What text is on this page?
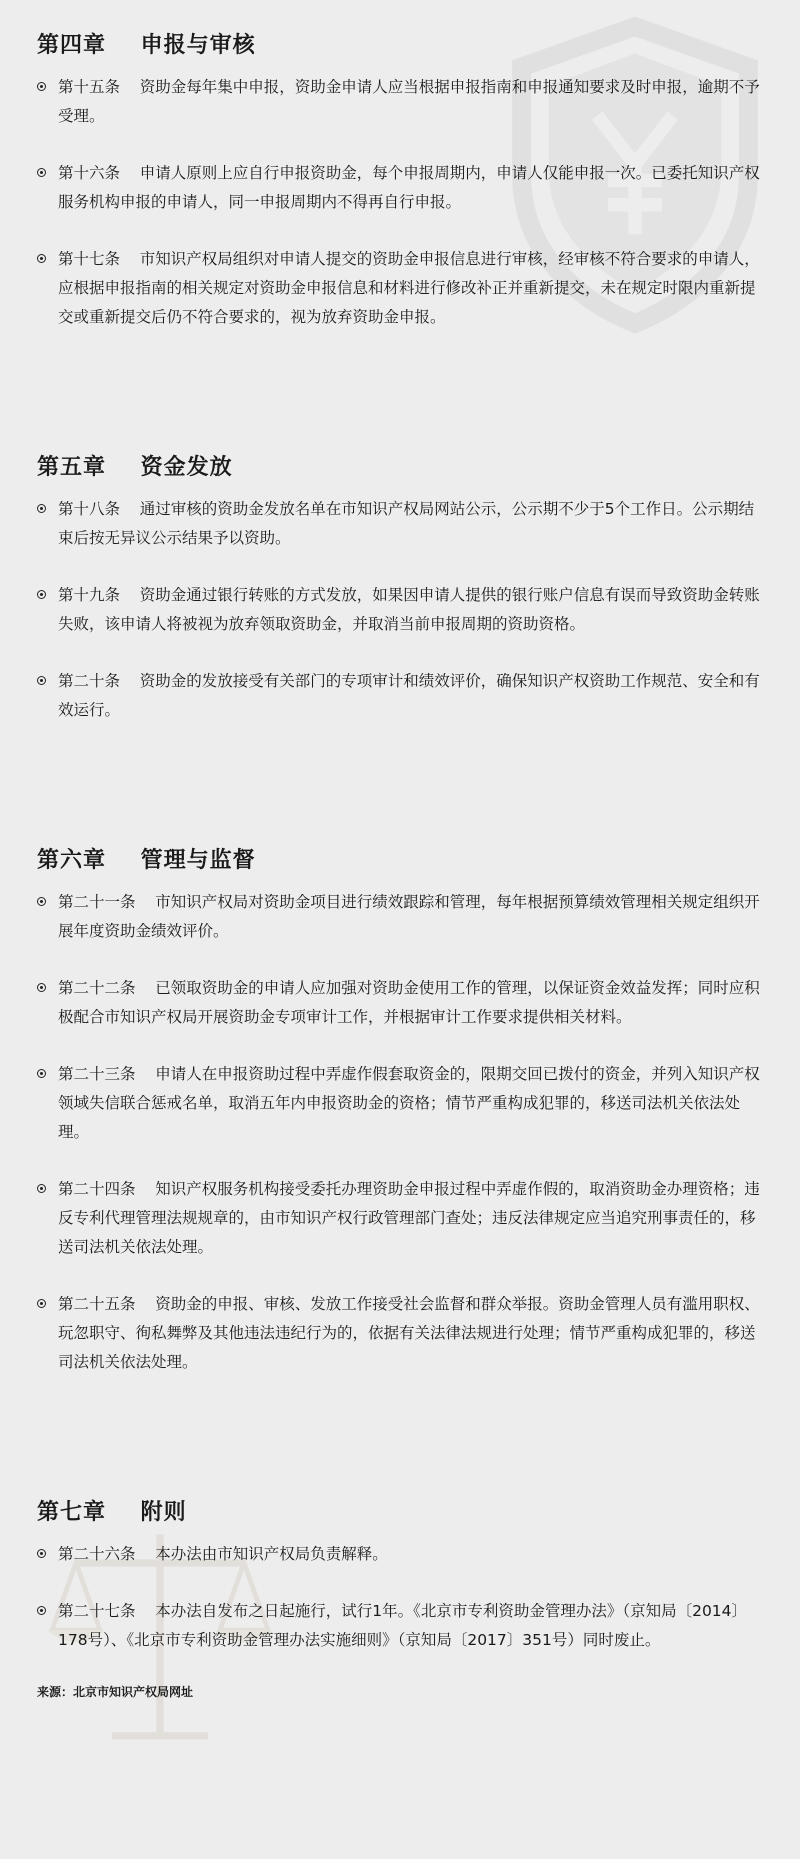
第四章    申报与审核
第十五条    资助金每年集中申报，资助金申请人应当根据申报指南和申报通知要求及时申报，逾期不予受理。
第十六条    申请人原则上应自行申报资助金，每个申报周期内，申请人仅能申报一次。已委托知识产权服务机构申报的申请人，同一申报周期内不得再自行申报。
第十七条    市知识产权局组织对申请人提交的资助金申报信息进行审核，经审核不符合要求的申请人，应根据申报指南的相关规定对资助金申报信息和材料进行修改补正并重新提交，未在规定时限内重新提交或重新提交后仍不符合要求的，视为放弃资助金申报。
第五章    资金发放
第十八条    通过审核的资助金发放名单在市知识产权局网站公示，公示期不少于5个工作日。公示期结束后按无异议公示结果予以资助。
第十九条    资助金通过银行转账的方式发放，如果因申请人提供的银行账户信息有误而导致资助金转账失败，该申请人将被视为放弃领取资助金，并取消当前申报周期的资助资格。
第二十条    资助金的发放接受有关部门的专项审计和绩效评价，确保知识产权资助工作规范、安全和有效运行。
第六章    管理与监督
第二十一条    市知识产权局对资助金项目进行绩效跟踪和管理，每年根据预算绩效管理相关规定组织开展年度资助金绩效评价。
第二十二条    已领取资助金的申请人应加强对资助金使用工作的管理，以保证资金效益发挥；同时应积极配合市知识产权局开展资助金专项审计工作，并根据审计工作要求提供相关材料。
第二十三条    申请人在申报资助过程中弄虚作假套取资金的，限期交回已拨付的资金，并列入知识产权领域失信联合惩戒名单，取消五年内申报资助金的资格；情节严重构成犯罪的，移送司法机关依法处理。
第二十四条    知识产权服务机构接受委托办理资助金申报过程中弄虚作假的，取消资助金办理资格；违反专利代理管理法规规章的，由市知识产权行政管理部门查处；违反法律规定应当追究刑事责任的，移送司法机关依法处理。
第二十五条    资助金的申报、审核、发放工作接受社会监督和群众举报。资助金管理人员有滥用职权、玩忽职守、徇私舞弊及其他违法违纪行为的，依据有关法律法规进行处理；情节严重构成犯罪的，移送司法机关依法处理。
第七章    附则
第二十六条    本办法由市知识产权局负责解释。
第二十七条    本办法自发布之日起施行，试行1年。《北京市专利资助金管理办法》（京知局〔2014〕178号）、《北京市专利资助金管理办法实施细则》（京知局〔2017〕351号）同时废止。
来源：北京市知识产权局网址
